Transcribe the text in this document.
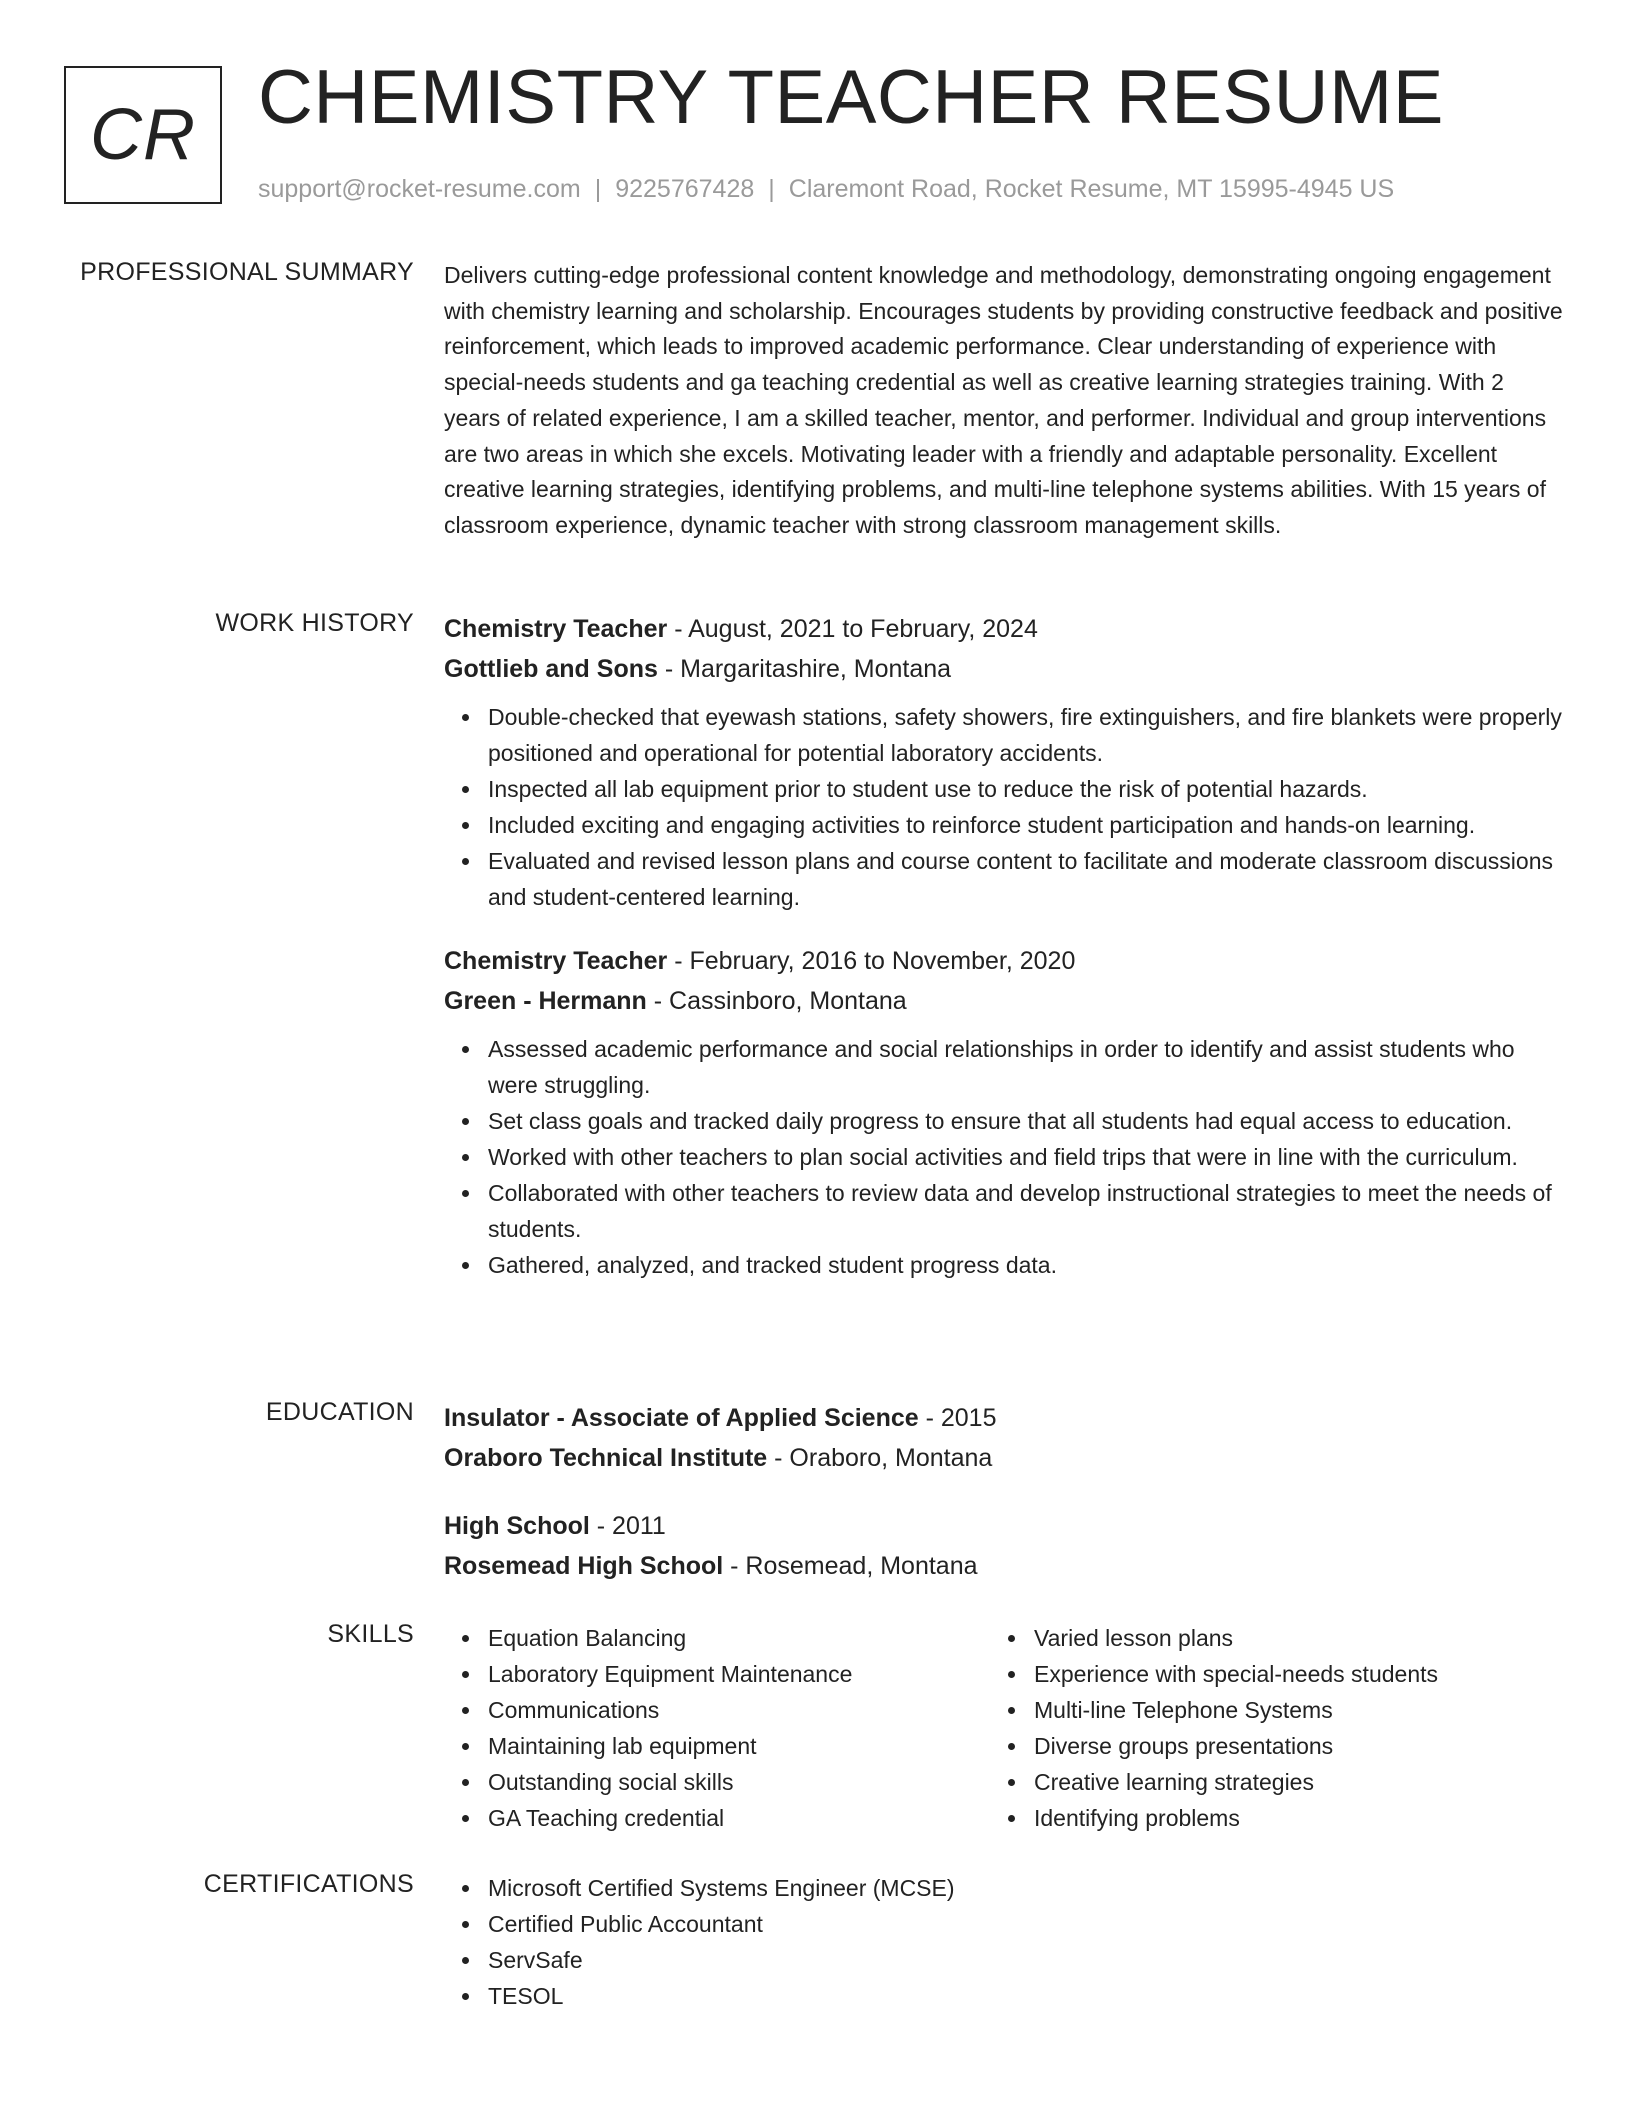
CR CHEMISTRY TEACHER RESUME
support@rocket-resume.com | 9225767428 | Claremont Road, Rocket Resume, MT 15995-4945 US
PROFESSIONAL SUMMARY Delivers cutting-edge professional content knowledge and methodology, demonstrating ongoing engagement with chemistry learning and scholarship. Encourages students by providing constructive feedback and positive reinforcement, which leads to improved academic performance. Clear understanding of experience with special-needs students and ga teaching credential as well as creative learning strategies training. With 2 years of related experience, I am a skilled teacher, mentor, and performer. Individual and group interventions are two areas in which she excels. Motivating leader with a friendly and adaptable personality. Excellent creative learning strategies, identifying problems, and multi-line telephone systems abilities. With 15 years of classroom experience, dynamic teacher with strong classroom management skills.

WORK HISTORY Chemistry Teacher - August, 2021 to February, 2024
Gottlieb and Sons - Margaritashire, Montana
Double-checked that eyewash stations, safety showers, fire extinguishers, and fire blankets were properly positioned and operational for potential laboratory accidents.
Inspected all lab equipment prior to student use to reduce the risk of potential hazards.
Included exciting and engaging activities to reinforce student participation and hands-on learning.
Evaluated and revised lesson plans and course content to facilitate and moderate classroom discussions and student-centered learning.
Chemistry Teacher - February, 2016 to November, 2020
Green - Hermann - Cassinboro, Montana
Assessed academic performance and social relationships in order to identify and assist students who were struggling.
Set class goals and tracked daily progress to ensure that all students had equal access to education.
Worked with other teachers to plan social activities and field trips that were in line with the curriculum.
Collaborated with other teachers to review data and develop instructional strategies to meet the needs of students.
Gathered, analyzed, and tracked student progress data.
EDUCATION Insulator - Associate of Applied Science - 2015
Oraboro Technical Institute - Oraboro, Montana
High School - 2011
Rosemead High School - Rosemead, Montana
SKILLS	Equation Balancing
Laboratory Equipment Maintenance
Communications
Maintaining lab equipment
Outstanding social skills
GA Teaching credential
Varied lesson plans
Experience with special-needs students
Multi-line Telephone Systems
Diverse groups presentations
Creative learning strategies
Identifying problems
CERTIFICATIONS	Microsoft Certified Systems Engineer (MCSE)
Certified Public Accountant
ServSafe
TESOL
